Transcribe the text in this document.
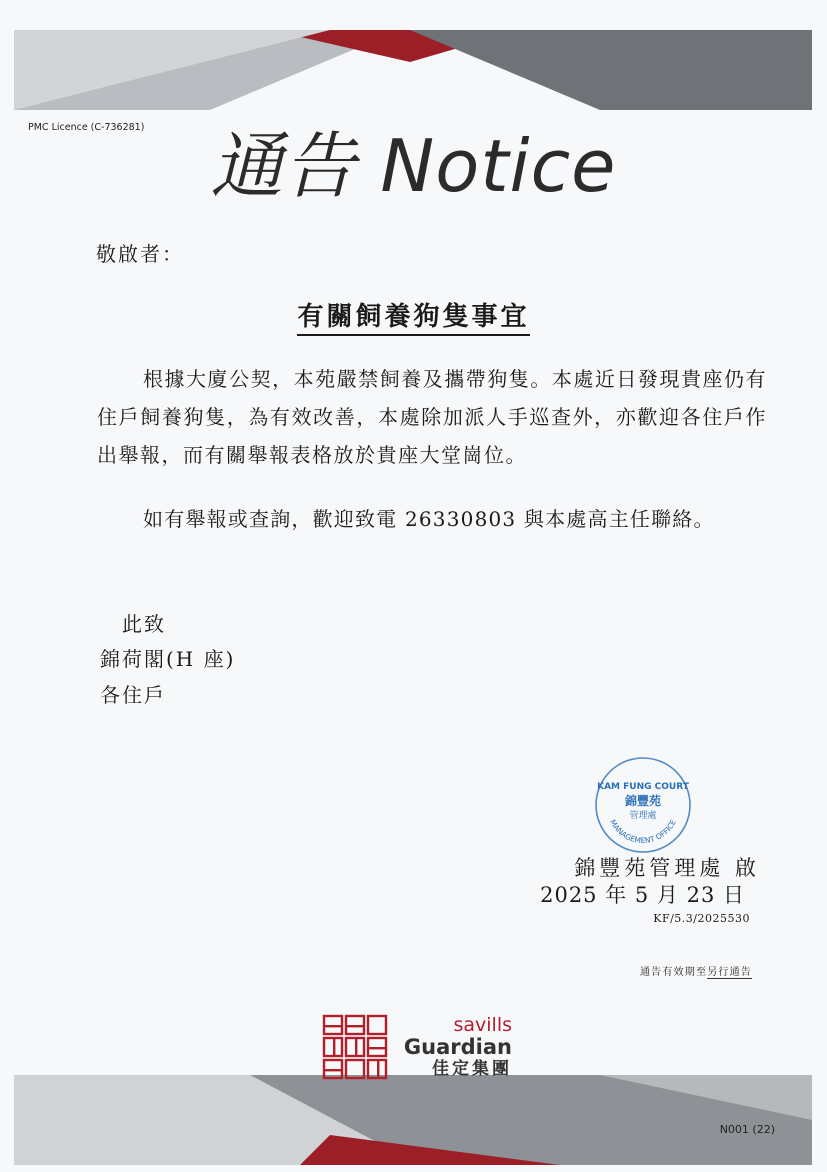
PMC Licence (C-736281) 通告 Notice
敬啟者：
有關飼養狗隻事宜
根據大廈公契，本苑嚴禁飼養及攜帶狗隻。本處近日發現貴座仍有住戶飼養狗隻，為有效改善，本處除加派人手巡查外，亦歡迎各住戶作出舉報，而有關舉報表格放於貴座大堂崗位。
如有舉報或查詢，歡迎致電 26330803 與本處高主任聯絡。
此致
錦荷閣(H 座)
各住戶
KAM FUNG COURT
錦豐苑
管理處
MANAGEMENT OFFICE
錦豐苑管理處 啟
2025 年 5 月 23 日
KF/5.3/2025530
通告有效期至另行通告
savills
Guardian
佳定集團
N001 (22)
